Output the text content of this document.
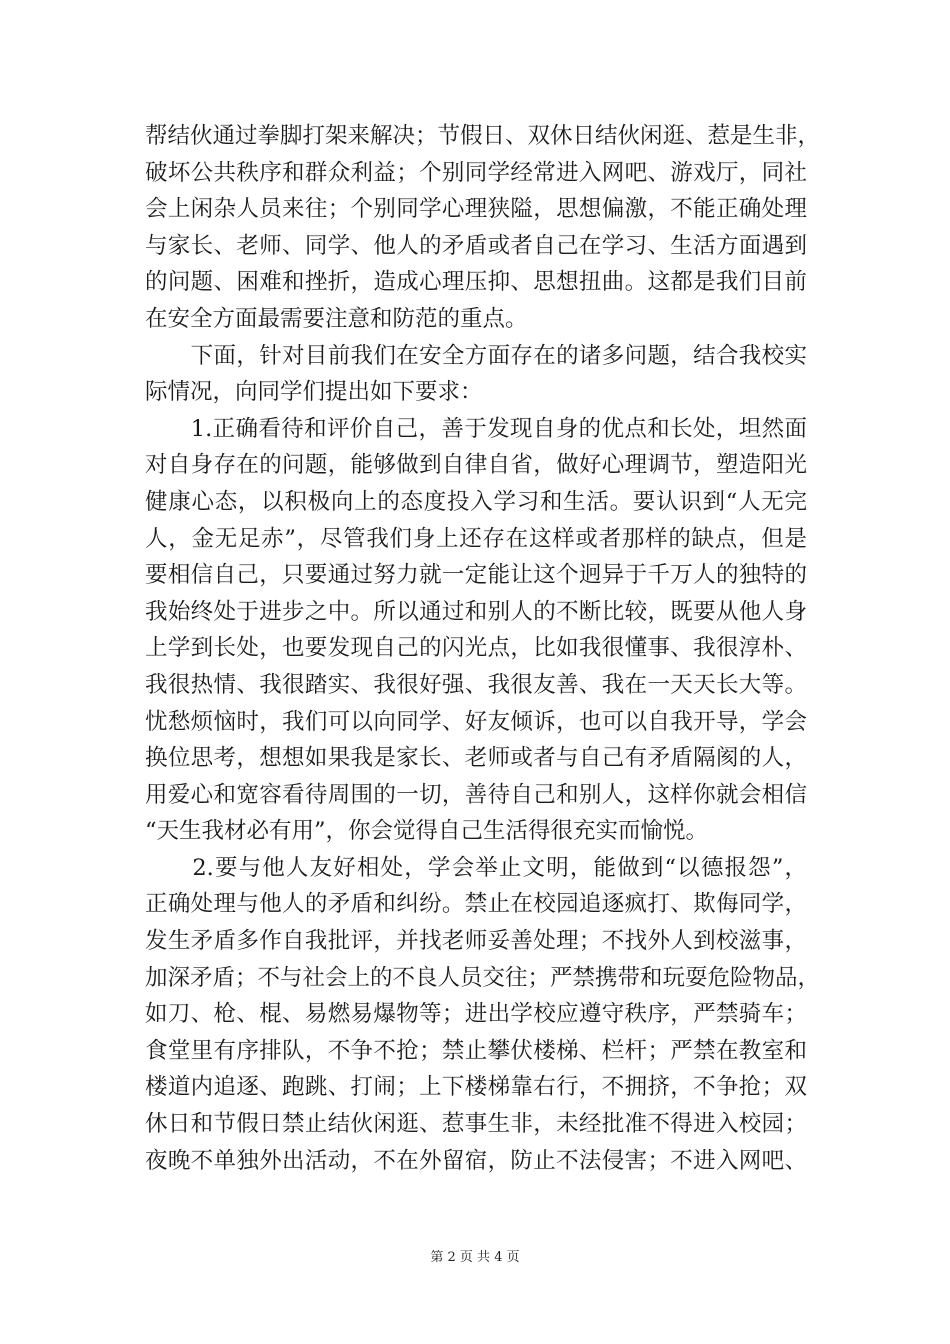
帮结伙通过拳脚打架来解决；节假日、双休日结伙闲逛、惹是生非，
破坏公共秩序和群众利益；个别同学经常进入网吧、游戏厅，同社
会上闲杂人员来往；个别同学心理狭隘，思想偏激，不能正确处理
与家长、老师、同学、他人的矛盾或者自己在学习、生活方面遇到
的问题、困难和挫折，造成心理压抑、思想扭曲。这都是我们目前
在安全方面最需要注意和防范的重点。
　　下面，针对目前我们在安全方面存在的诸多问题，结合我校实
际情况，向同学们提出如下要求：
　　1.正确看待和评价自己，善于发现自身的优点和长处，坦然面
对自身存在的问题，能够做到自律自省，做好心理调节，塑造阳光
健康心态，以积极向上的态度投入学习和生活。要认识到“人无完
人，金无足赤”，尽管我们身上还存在这样或者那样的缺点，但是
要相信自己，只要通过努力就一定能让这个迥异于千万人的独特的
我始终处于进步之中。所以通过和别人的不断比较，既要从他人身
上学到长处，也要发现自己的闪光点，比如我很懂事、我很淳朴、
我很热情、我很踏实、我很好强、我很友善、我在一天天长大等。
忧愁烦恼时，我们可以向同学、好友倾诉，也可以自我开导，学会
换位思考，想想如果我是家长、老师或者与自己有矛盾隔阂的人，
用爱心和宽容看待周围的一切，善待自己和别人，这样你就会相信
“天生我材必有用”，你会觉得自己生活得很充实而愉悦。
　　2.要与他人友好相处，学会举止文明，能做到“以德报怨”，
正确处理与他人的矛盾和纠纷。禁止在校园追逐疯打、欺侮同学，
发生矛盾多作自我批评，并找老师妥善处理；不找外人到校滋事，
加深矛盾；不与社会上的不良人员交往；严禁携带和玩耍危险物品，
如刀、枪、棍、易燃易爆物等；进出学校应遵守秩序，严禁骑车；
食堂里有序排队，不争不抢；禁止攀伏楼梯、栏杆；严禁在教室和
楼道内追逐、跑跳、打闹；上下楼梯靠右行，不拥挤，不争抢；双
休日和节假日禁止结伙闲逛、惹事生非，未经批准不得进入校园；
夜晚不单独外出活动，不在外留宿，防止不法侵害；不进入网吧、
第 2 页 共 4 页
